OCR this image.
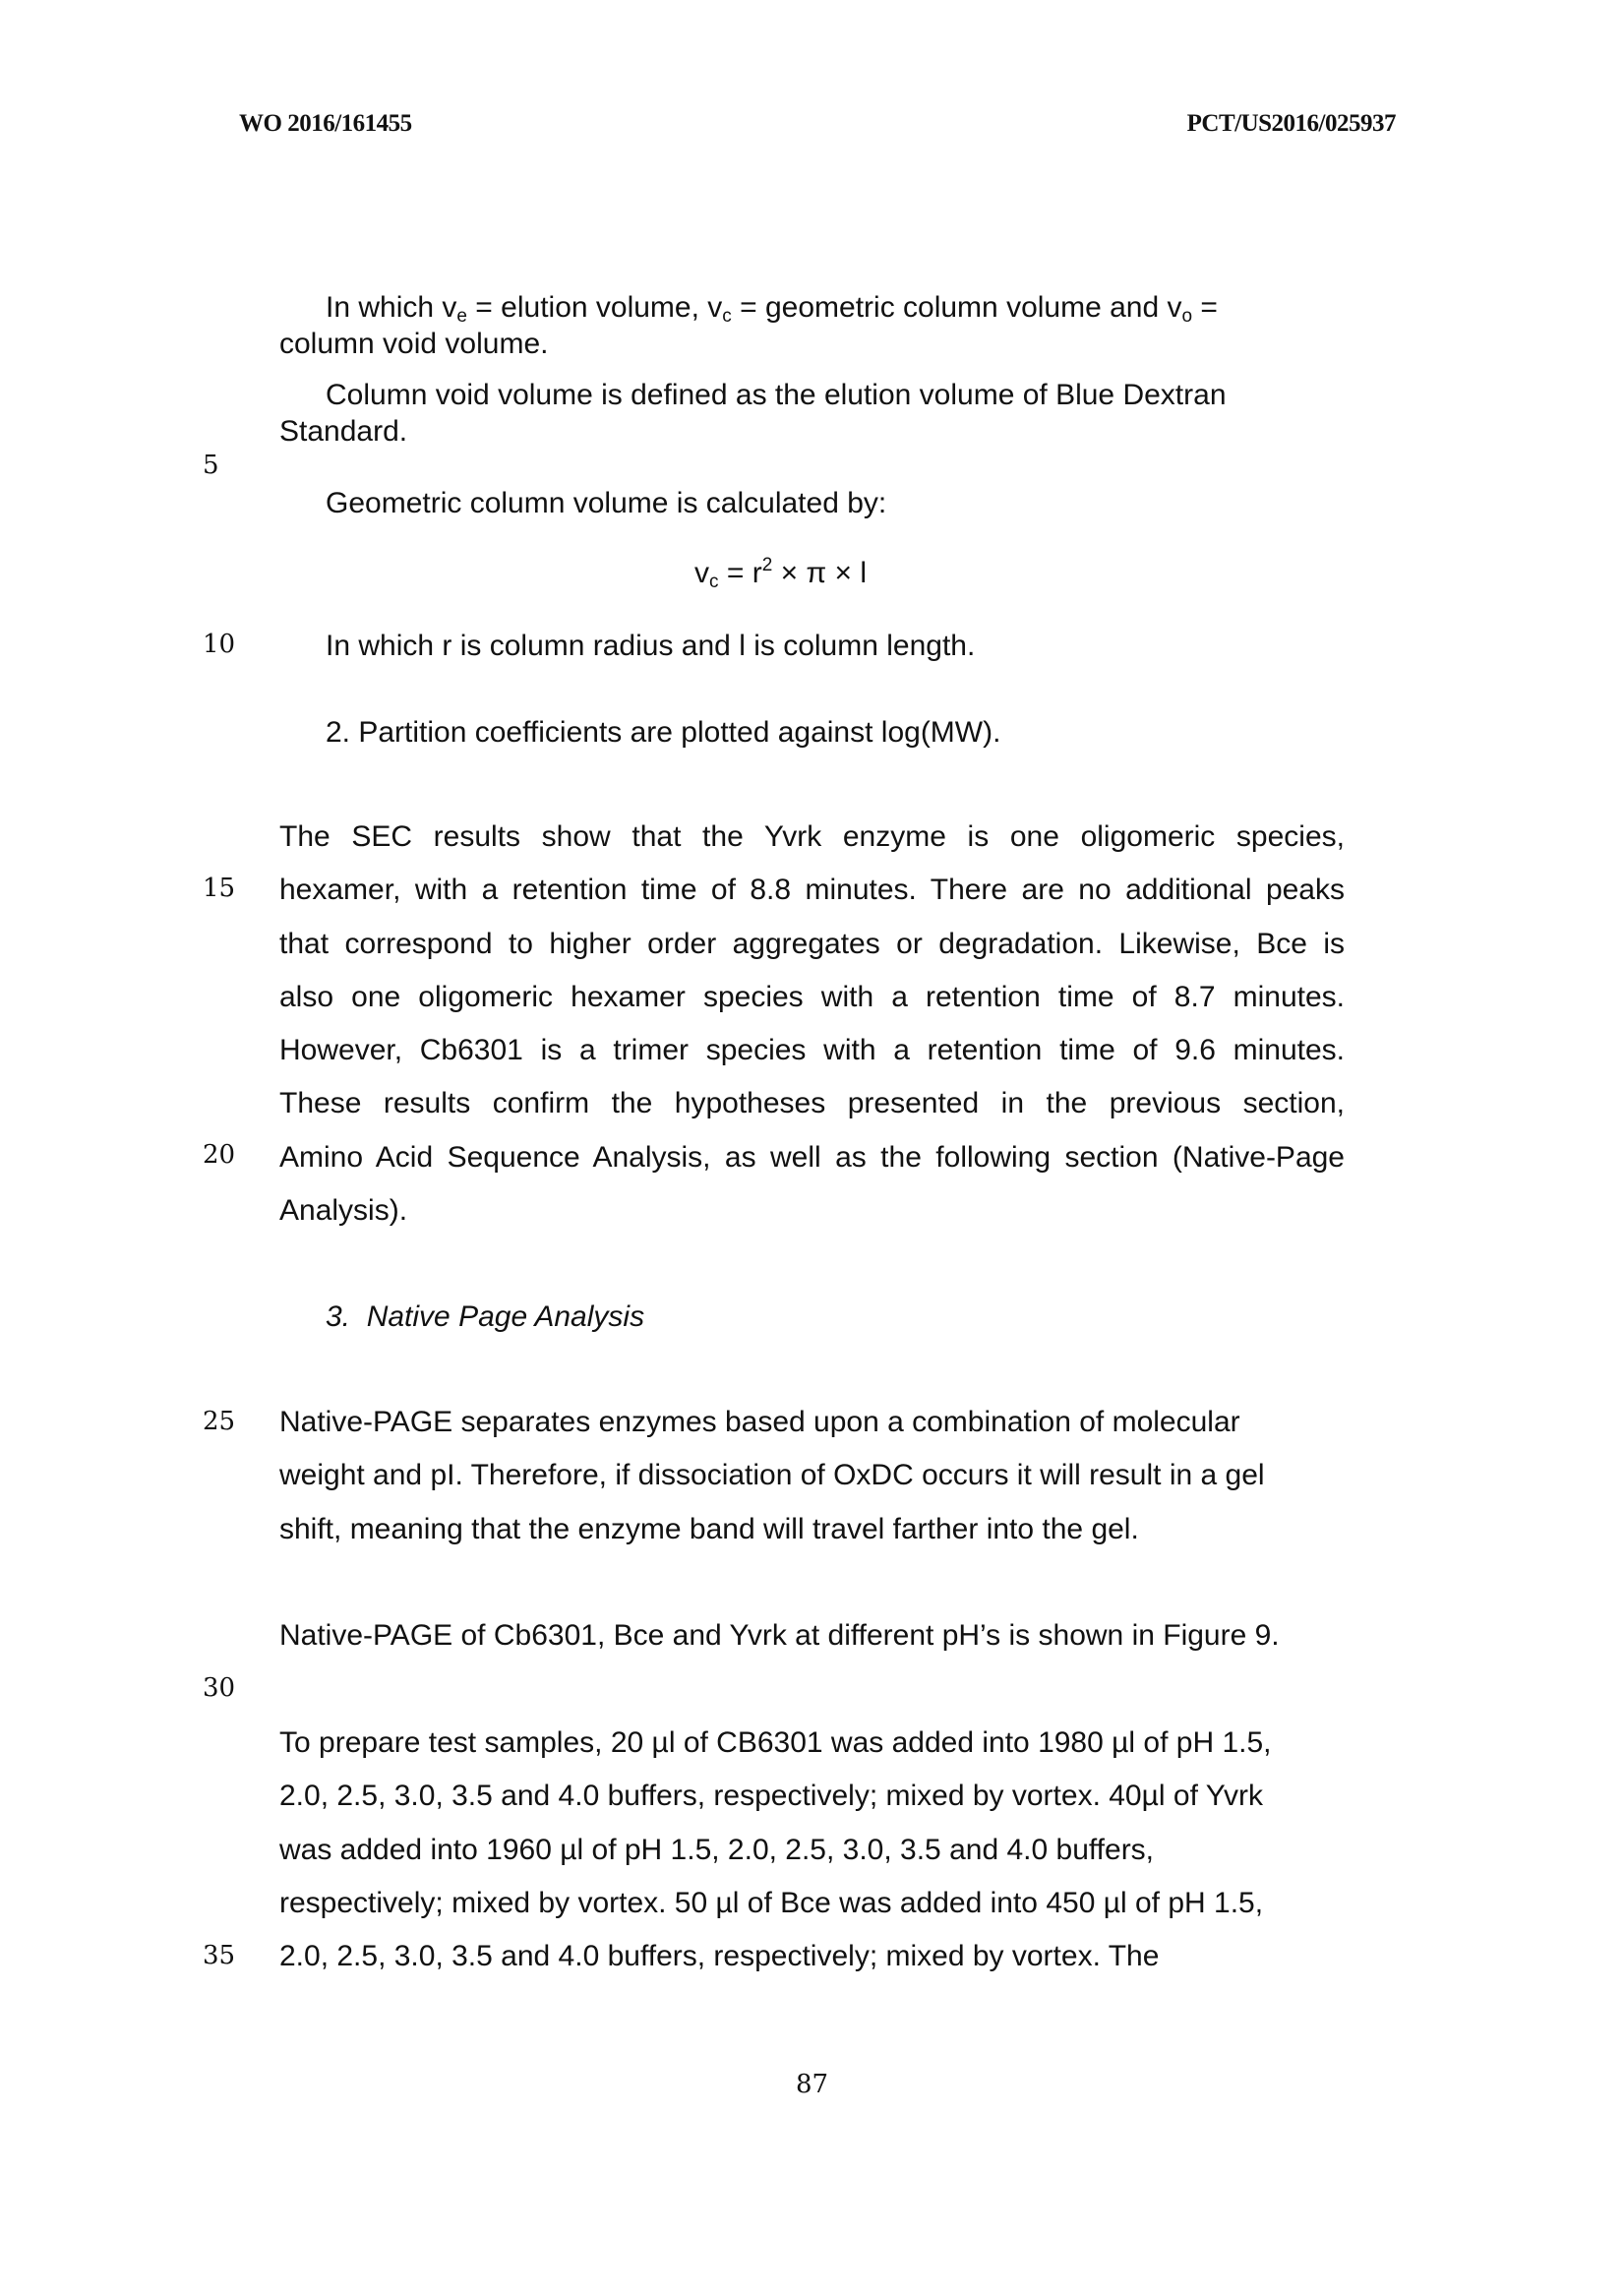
WO 2016/161455	PCT/US2016/025937
5
10
15
20
25
30
35
In which $v_e$ = elution volume, $v_c$ = geometric column volume and $v_o$ =
column void volume.
Column void volume is defined as the elution volume of Blue Dextran
Standard.
Geometric column volume is calculated by:
$v_c = r^2 \times \pi \times l$
In which r is column radius and l is column length.
2. Partition coefficients are plotted against log(MW).
The SEC results show that the Yvrk enzyme is one oligomeric species,
hexamer, with a retention time of 8.8 minutes. There are no additional peaks
that correspond to higher order aggregates or degradation. Likewise, Bce is
also one oligomeric hexamer species with a retention time of 8.7 minutes.
However, Cb6301 is a trimer species with a retention time of 9.6 minutes.
These results confirm the hypotheses presented in the previous section,
Amino Acid Sequence Analysis, as well as the following section (Native-Page
Analysis).
3. Native Page Analysis
Native-PAGE separates enzymes based upon a combination of molecular
weight and pI. Therefore, if dissociation of OxDC occurs it will result in a gel
shift, meaning that the enzyme band will travel farther into the gel.
Native-PAGE of Cb6301, Bce and Yvrk at different pH’s is shown in Figure 9.
To prepare test samples, 20 µl of CB6301 was added into 1980 µl of pH 1.5,
2.0, 2.5, 3.0, 3.5 and 4.0 buffers, respectively; mixed by vortex. 40µl of Yvrk
was added into 1960 µl of pH 1.5, 2.0, 2.5, 3.0, 3.5 and 4.0 buffers,
respectively; mixed by vortex. 50 µl of Bce was added into 450 µl of pH 1.5,
2.0, 2.5, 3.0, 3.5 and 4.0 buffers, respectively; mixed by vortex. The
87
